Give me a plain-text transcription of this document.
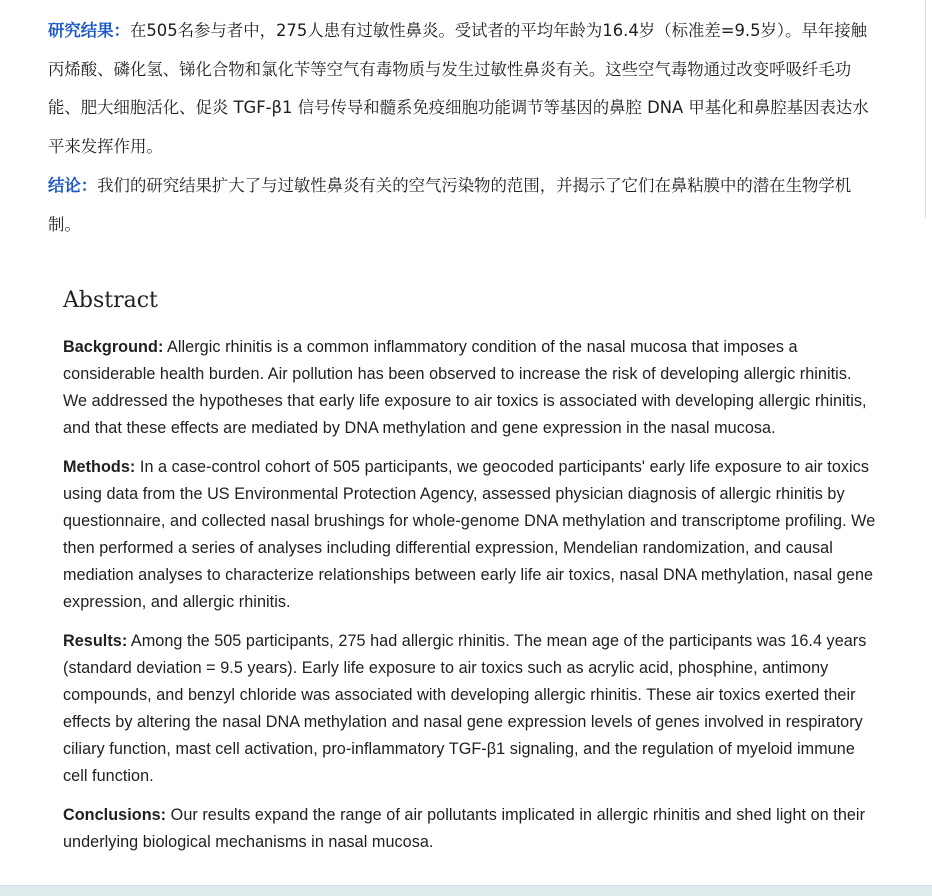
研究结果：在505名参与者中，275人患有过敏性鼻炎。受试者的平均年龄为16.4岁（标准差=9.5岁）。早年接触丙烯酸、磷化氢、锑化合物和氯化苄等空气有毒物质与发生过敏性鼻炎有关。这些空气毒物通过改变呼吸纤毛功能、肥大细胞活化、促炎 TGF-β1 信号传导和髓系免疫细胞功能调节等基因的鼻腔 DNA 甲基化和鼻腔基因表达水平来发挥作用。

结论：我们的研究结果扩大了与过敏性鼻炎有关的空气污染物的范围，并揭示了它们在鼻粘膜中的潜在生物学机制。

Abstract

Background: Allergic rhinitis is a common inflammatory condition of the nasal mucosa that imposes a considerable health burden. Air pollution has been observed to increase the risk of developing allergic rhinitis. We addressed the hypotheses that early life exposure to air toxics is associated with developing allergic rhinitis, and that these effects are mediated by DNA methylation and gene expression in the nasal mucosa.

Methods: In a case-control cohort of 505 participants, we geocoded participants' early life exposure to air toxics using data from the US Environmental Protection Agency, assessed physician diagnosis of allergic rhinitis by questionnaire, and collected nasal brushings for whole-genome DNA methylation and transcriptome profiling. We then performed a series of analyses including differential expression, Mendelian randomization, and causal mediation analyses to characterize relationships between early life air toxics, nasal DNA methylation, nasal gene expression, and allergic rhinitis.

Results: Among the 505 participants, 275 had allergic rhinitis. The mean age of the participants was 16.4 years (standard deviation = 9.5 years). Early life exposure to air toxics such as acrylic acid, phosphine, antimony compounds, and benzyl chloride was associated with developing allergic rhinitis. These air toxics exerted their effects by altering the nasal DNA methylation and nasal gene expression levels of genes involved in respiratory ciliary function, mast cell activation, pro-inflammatory TGF-β1 signaling, and the regulation of myeloid immune cell function.

Conclusions: Our results expand the range of air pollutants implicated in allergic rhinitis and shed light on their underlying biological mechanisms in nasal mucosa.
